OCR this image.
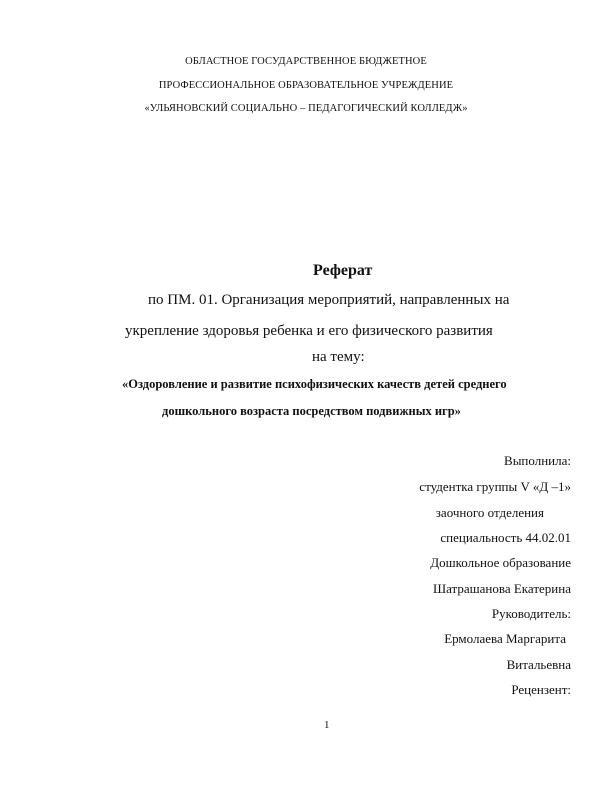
ОБЛАСТНОЕ ГОСУДАРСТВЕННОЕ БЮДЖЕТНОЕ
ПРОФЕССИОНАЛЬНОЕ ОБРАЗОВАТЕЛЬНОЕ УЧРЕЖДЕНИЕ
«УЛЬЯНОВСКИЙ СОЦИАЛЬНО – ПЕДАГОГИЧЕСКИЙ КОЛЛЕДЖ»
Реферат
по ПМ. 01. Организация мероприятий, направленных на
укрепление здоровья ребенка и его физического развития
на тему:
«Оздоровление и развитие психофизических качеств детей среднего
дошкольного возраста посредством подвижных игр»
Выполнила:
студентка группы V «Д –1»
заочного отделения
специальность 44.02.01
Дошкольное образование
Шатрашанова Екатерина
Руководитель:
Ермолаева Маргарита
Витальевна
Рецензент:
1
